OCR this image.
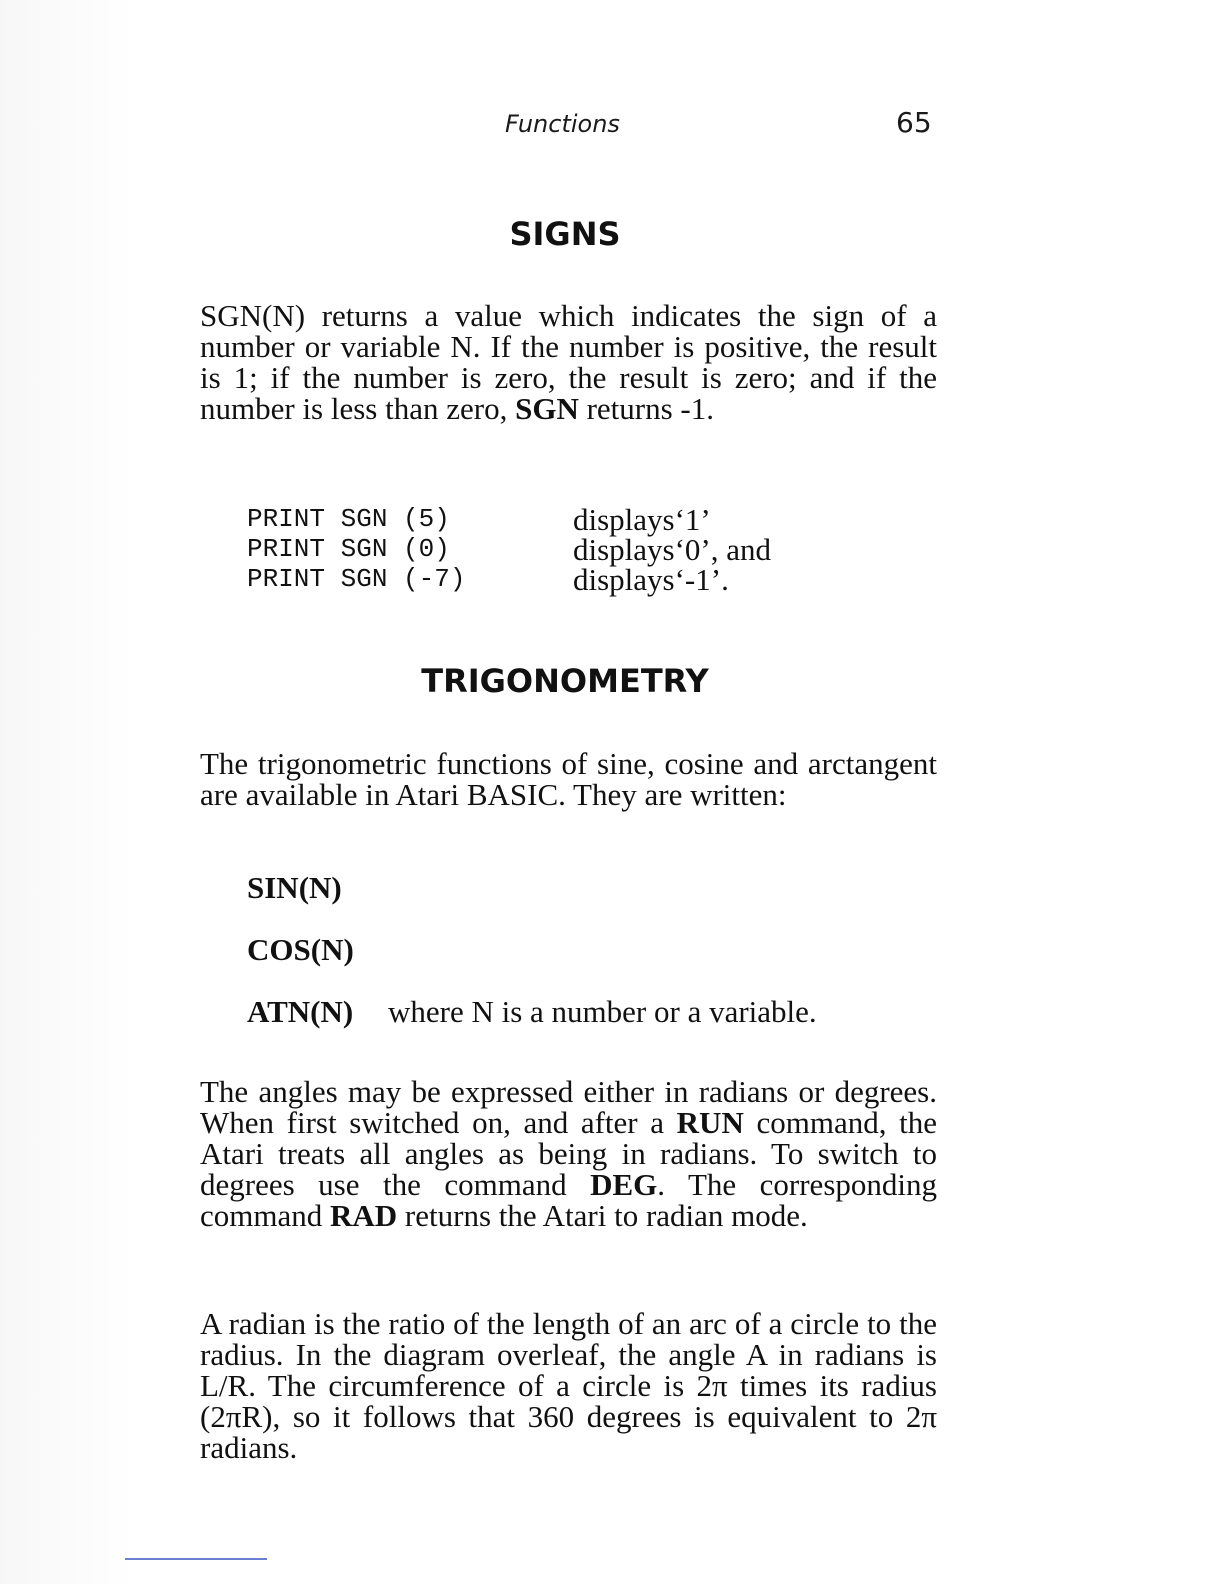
Functions	65
SIGNS
SGN(N) returns a value which indicates the sign of a number or variable N. If the number is positive, the result is 1; if the number is zero, the result is zero; and if the number is less than zero, SGN returns -1.
PRINT SGN (5)	displays‘1’
PRINT SGN (0)	displays‘0’, and
PRINT SGN (-7)	displays‘-1’.
TRIGONOMETRY
The trigonometric functions of sine, cosine and arctangent are available in Atari BASIC. They are written:
SIN(N)
COS(N)
ATN(N) where N is a number or a variable.
The angles may be expressed either in radians or degrees. When first switched on, and after a RUN command, the Atari treats all angles as being in radians. To switch to degrees use the command DEG. The corresponding command RAD returns the Atari to radian mode.
A radian is the ratio of the length of an arc of a circle to the radius. In the diagram overleaf, the angle A in radians is L/R. The circumference of a circle is 2π times its radius (2πR), so it follows that 360 degrees is equivalent to 2π radians.
